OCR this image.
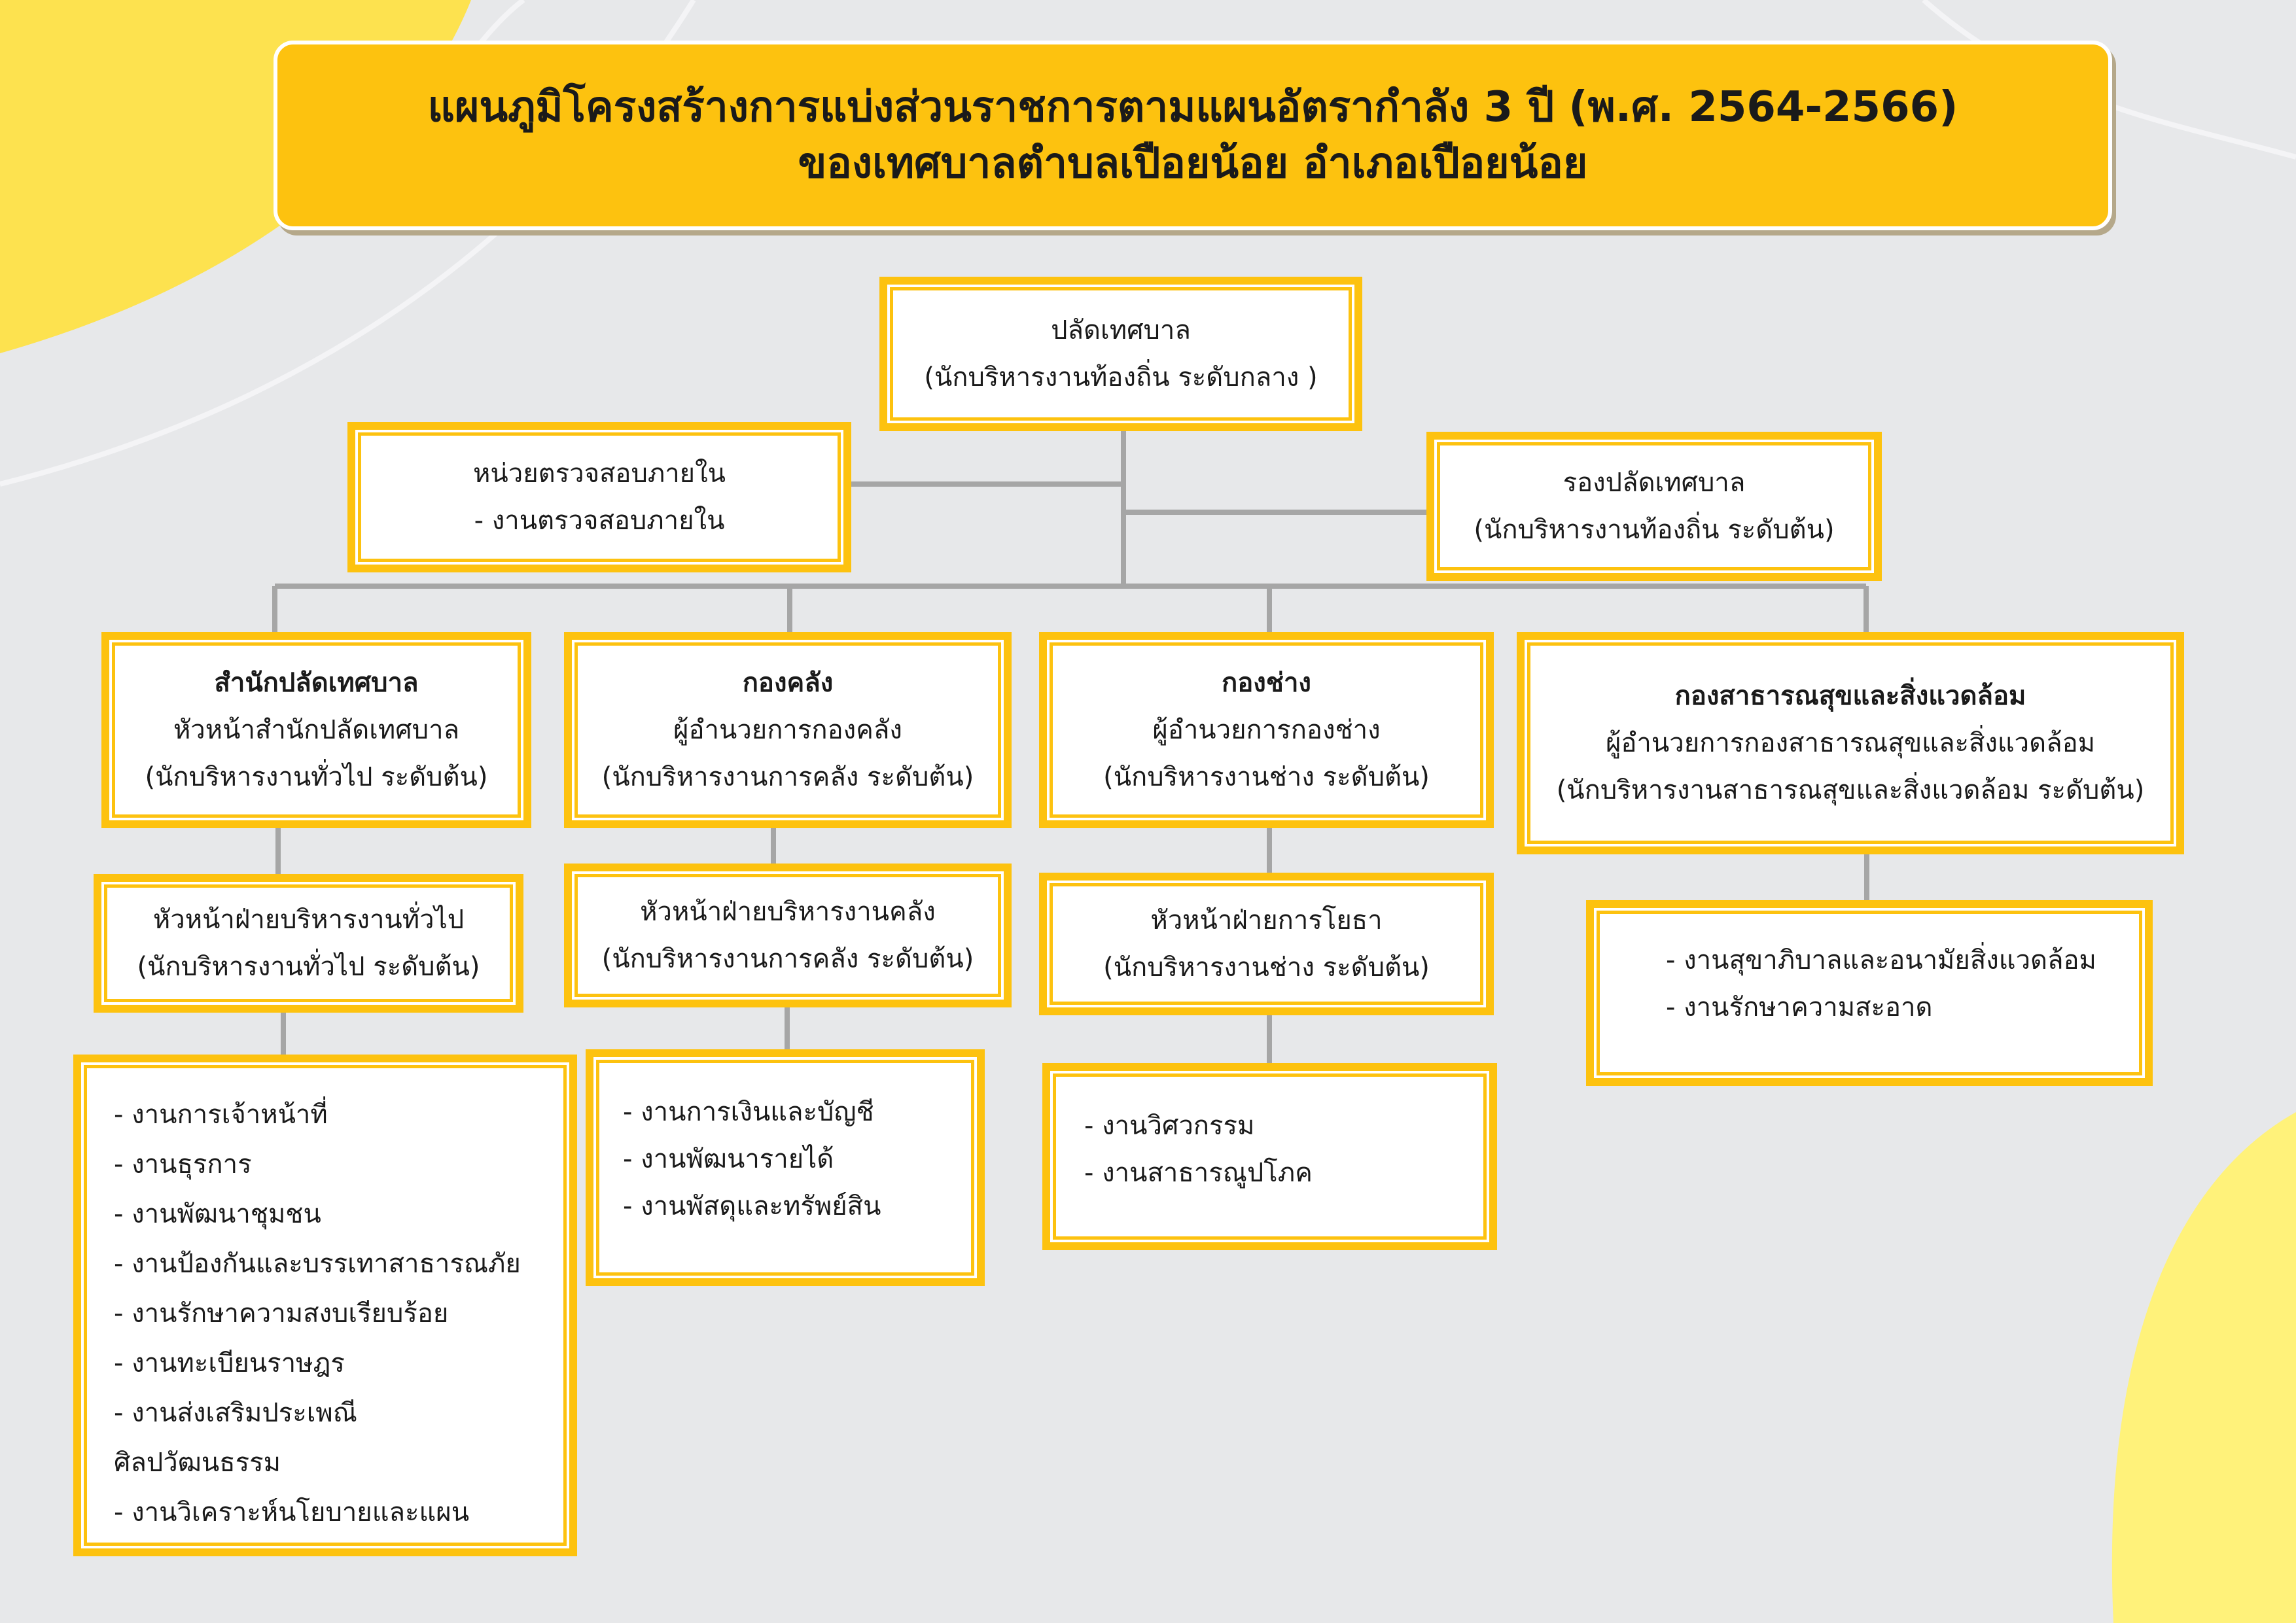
แผนภูมิโครงสร้างการแบ่งส่วนราชการตามแผนอัตรากำลัง 3 ปี (พ.ศ. 2564-2566)
ของเทศบาลตำบลเปือยน้อย อำเภอเปือยน้อย
ปลัดเทศบาล
(นักบริหารงานท้องถิ่น ระดับกลาง )
หน่วยตรวจสอบภายใน
- งานตรวจสอบภายใน
รองปลัดเทศบาล
(นักบริหารงานท้องถิ่น ระดับต้น)
สำนักปลัดเทศบาล
หัวหน้าสำนักปลัดเทศบาล
(นักบริหารงานทั่วไป ระดับต้น)
หัวหน้าฝ่ายบริหารงานทั่วไป
(นักบริหารงานทั่วไป ระดับต้น)
- งานการเจ้าหน้าที่
- งานธุรการ
- งานพัฒนาชุมชน
- งานป้องกันและบรรเทาสาธารณภัย
- งานรักษาความสงบเรียบร้อย
- งานทะเบียนราษฎร
- งานส่งเสริมประเพณี
ศิลปวัฒนธรรม
- งานวิเคราะห์นโยบายและแผน
กองคลัง
ผู้อำนวยการกองคลัง
(นักบริหารงานการคลัง ระดับต้น)
หัวหน้าฝ่ายบริหารงานคลัง
(นักบริหารงานการคลัง ระดับต้น)
- งานการเงินและบัญชี
- งานพัฒนารายได้
- งานพัสดุและทรัพย์สิน
กองช่าง
ผู้อำนวยการกองช่าง
(นักบริหารงานช่าง ระดับต้น)
หัวหน้าฝ่ายการโยธา
(นักบริหารงานช่าง ระดับต้น)
- งานวิศวกรรม
- งานสาธารณูปโภค
กองสาธารณสุขและสิ่งแวดล้อม
ผู้อำนวยการกองสาธารณสุขและสิ่งแวดล้อม
(นักบริหารงานสาธารณสุขและสิ่งแวดล้อม ระดับต้น)
- งานสุขาภิบาลและอนามัยสิ่งแวดล้อม
- งานรักษาความสะอาด
